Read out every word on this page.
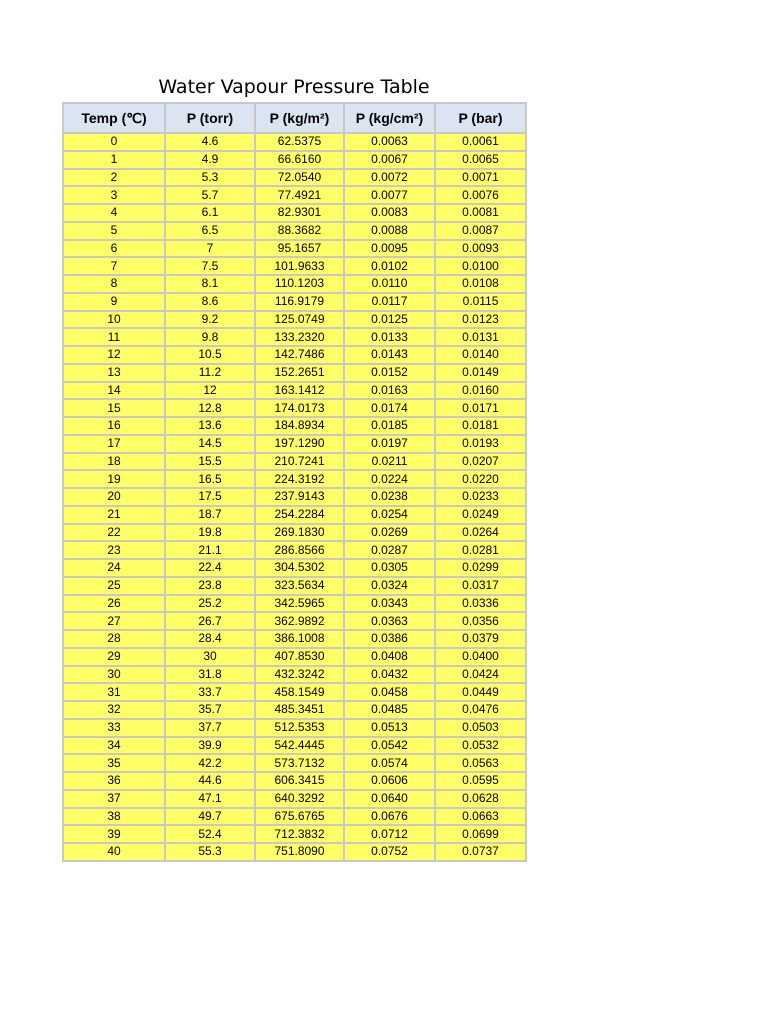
Water Vapour Pressure Table
Temp (℃)	P (torr)	P (kg/m²)	P (kg/cm²)	P (bar)
0	4.6	62.5375	0.0063	0.0061
1	4.9	66.6160	0.0067	0.0065
2	5.3	72.0540	0.0072	0.0071
3	5.7	77.4921	0.0077	0.0076
4	6.1	82.9301	0.0083	0.0081
5	6.5	88.3682	0.0088	0.0087
6	7	95.1657	0.0095	0.0093
7	7.5	101.9633	0.0102	0.0100
8	8.1	110.1203	0.0110	0.0108
9	8.6	116.9179	0.0117	0.0115
10	9.2	125.0749	0.0125	0.0123
11	9.8	133.2320	0.0133	0.0131
12	10.5	142.7486	0.0143	0.0140
13	11.2	152.2651	0.0152	0.0149
14	12	163.1412	0.0163	0.0160
15	12.8	174.0173	0.0174	0.0171
16	13.6	184.8934	0.0185	0.0181
17	14.5	197.1290	0.0197	0.0193
18	15.5	210.7241	0.0211	0.0207
19	16.5	224.3192	0.0224	0.0220
20	17.5	237.9143	0.0238	0.0233
21	18.7	254.2284	0.0254	0.0249
22	19.8	269.1830	0.0269	0.0264
23	21.1	286.8566	0.0287	0.0281
24	22.4	304.5302	0.0305	0.0299
25	23.8	323.5634	0.0324	0.0317
26	25.2	342.5965	0.0343	0.0336
27	26.7	362.9892	0.0363	0.0356
28	28.4	386.1008	0.0386	0.0379
29	30	407.8530	0.0408	0.0400
30	31.8	432.3242	0.0432	0.0424
31	33.7	458.1549	0.0458	0.0449
32	35.7	485.3451	0.0485	0.0476
33	37.7	512.5353	0.0513	0.0503
34	39.9	542.4445	0.0542	0.0532
35	42.2	573.7132	0.0574	0.0563
36	44.6	606.3415	0.0606	0.0595
37	47.1	640.3292	0.0640	0.0628
38	49.7	675.6765	0.0676	0.0663
39	52.4	712.3832	0.0712	0.0699
40	55.3	751.8090	0.0752	0.0737
